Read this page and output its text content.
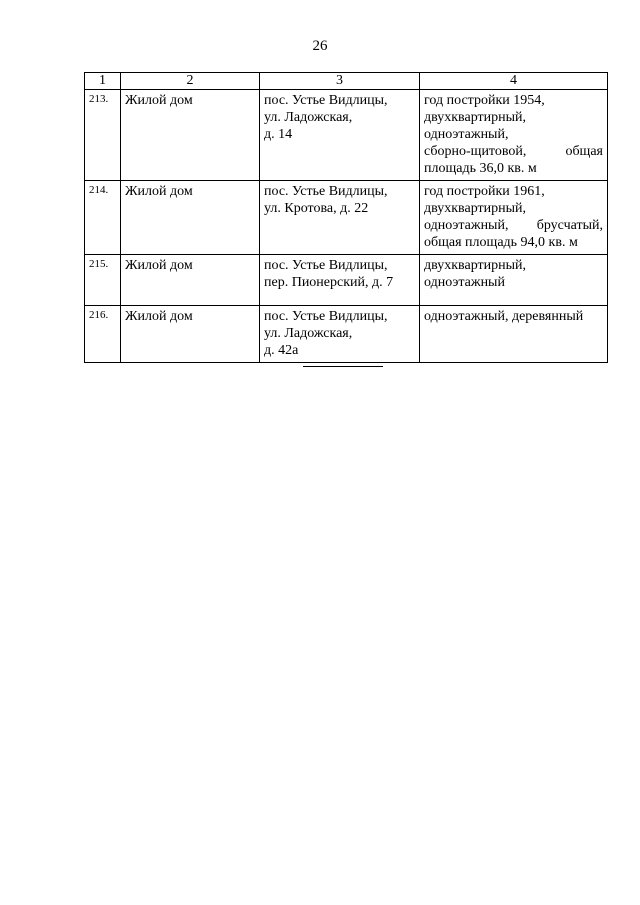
26
1	2	3	4
213.	Жилой дом	пос. Устье Видлицы,
ул. Ладожская,
д. 14	год постройки 1954,
двухквартирный,
одноэтажный,
сборно-щитовой, общая
площадь 36,0 кв. м

214.	Жилой дом	пос. Устье Видлицы,
ул. Кротова, д. 22	год постройки 1961,
двухквартирный,
одноэтажный, брусчатый,
общая площадь 94,0 кв. м

215.	Жилой дом	пос. Устье Видлицы,
пер. Пионерский, д. 7	двухквартирный,
одноэтажный

216.	Жилой дом	пос. Устье Видлицы,
ул. Ладожская,
д. 42а	одноэтажный, деревянный
